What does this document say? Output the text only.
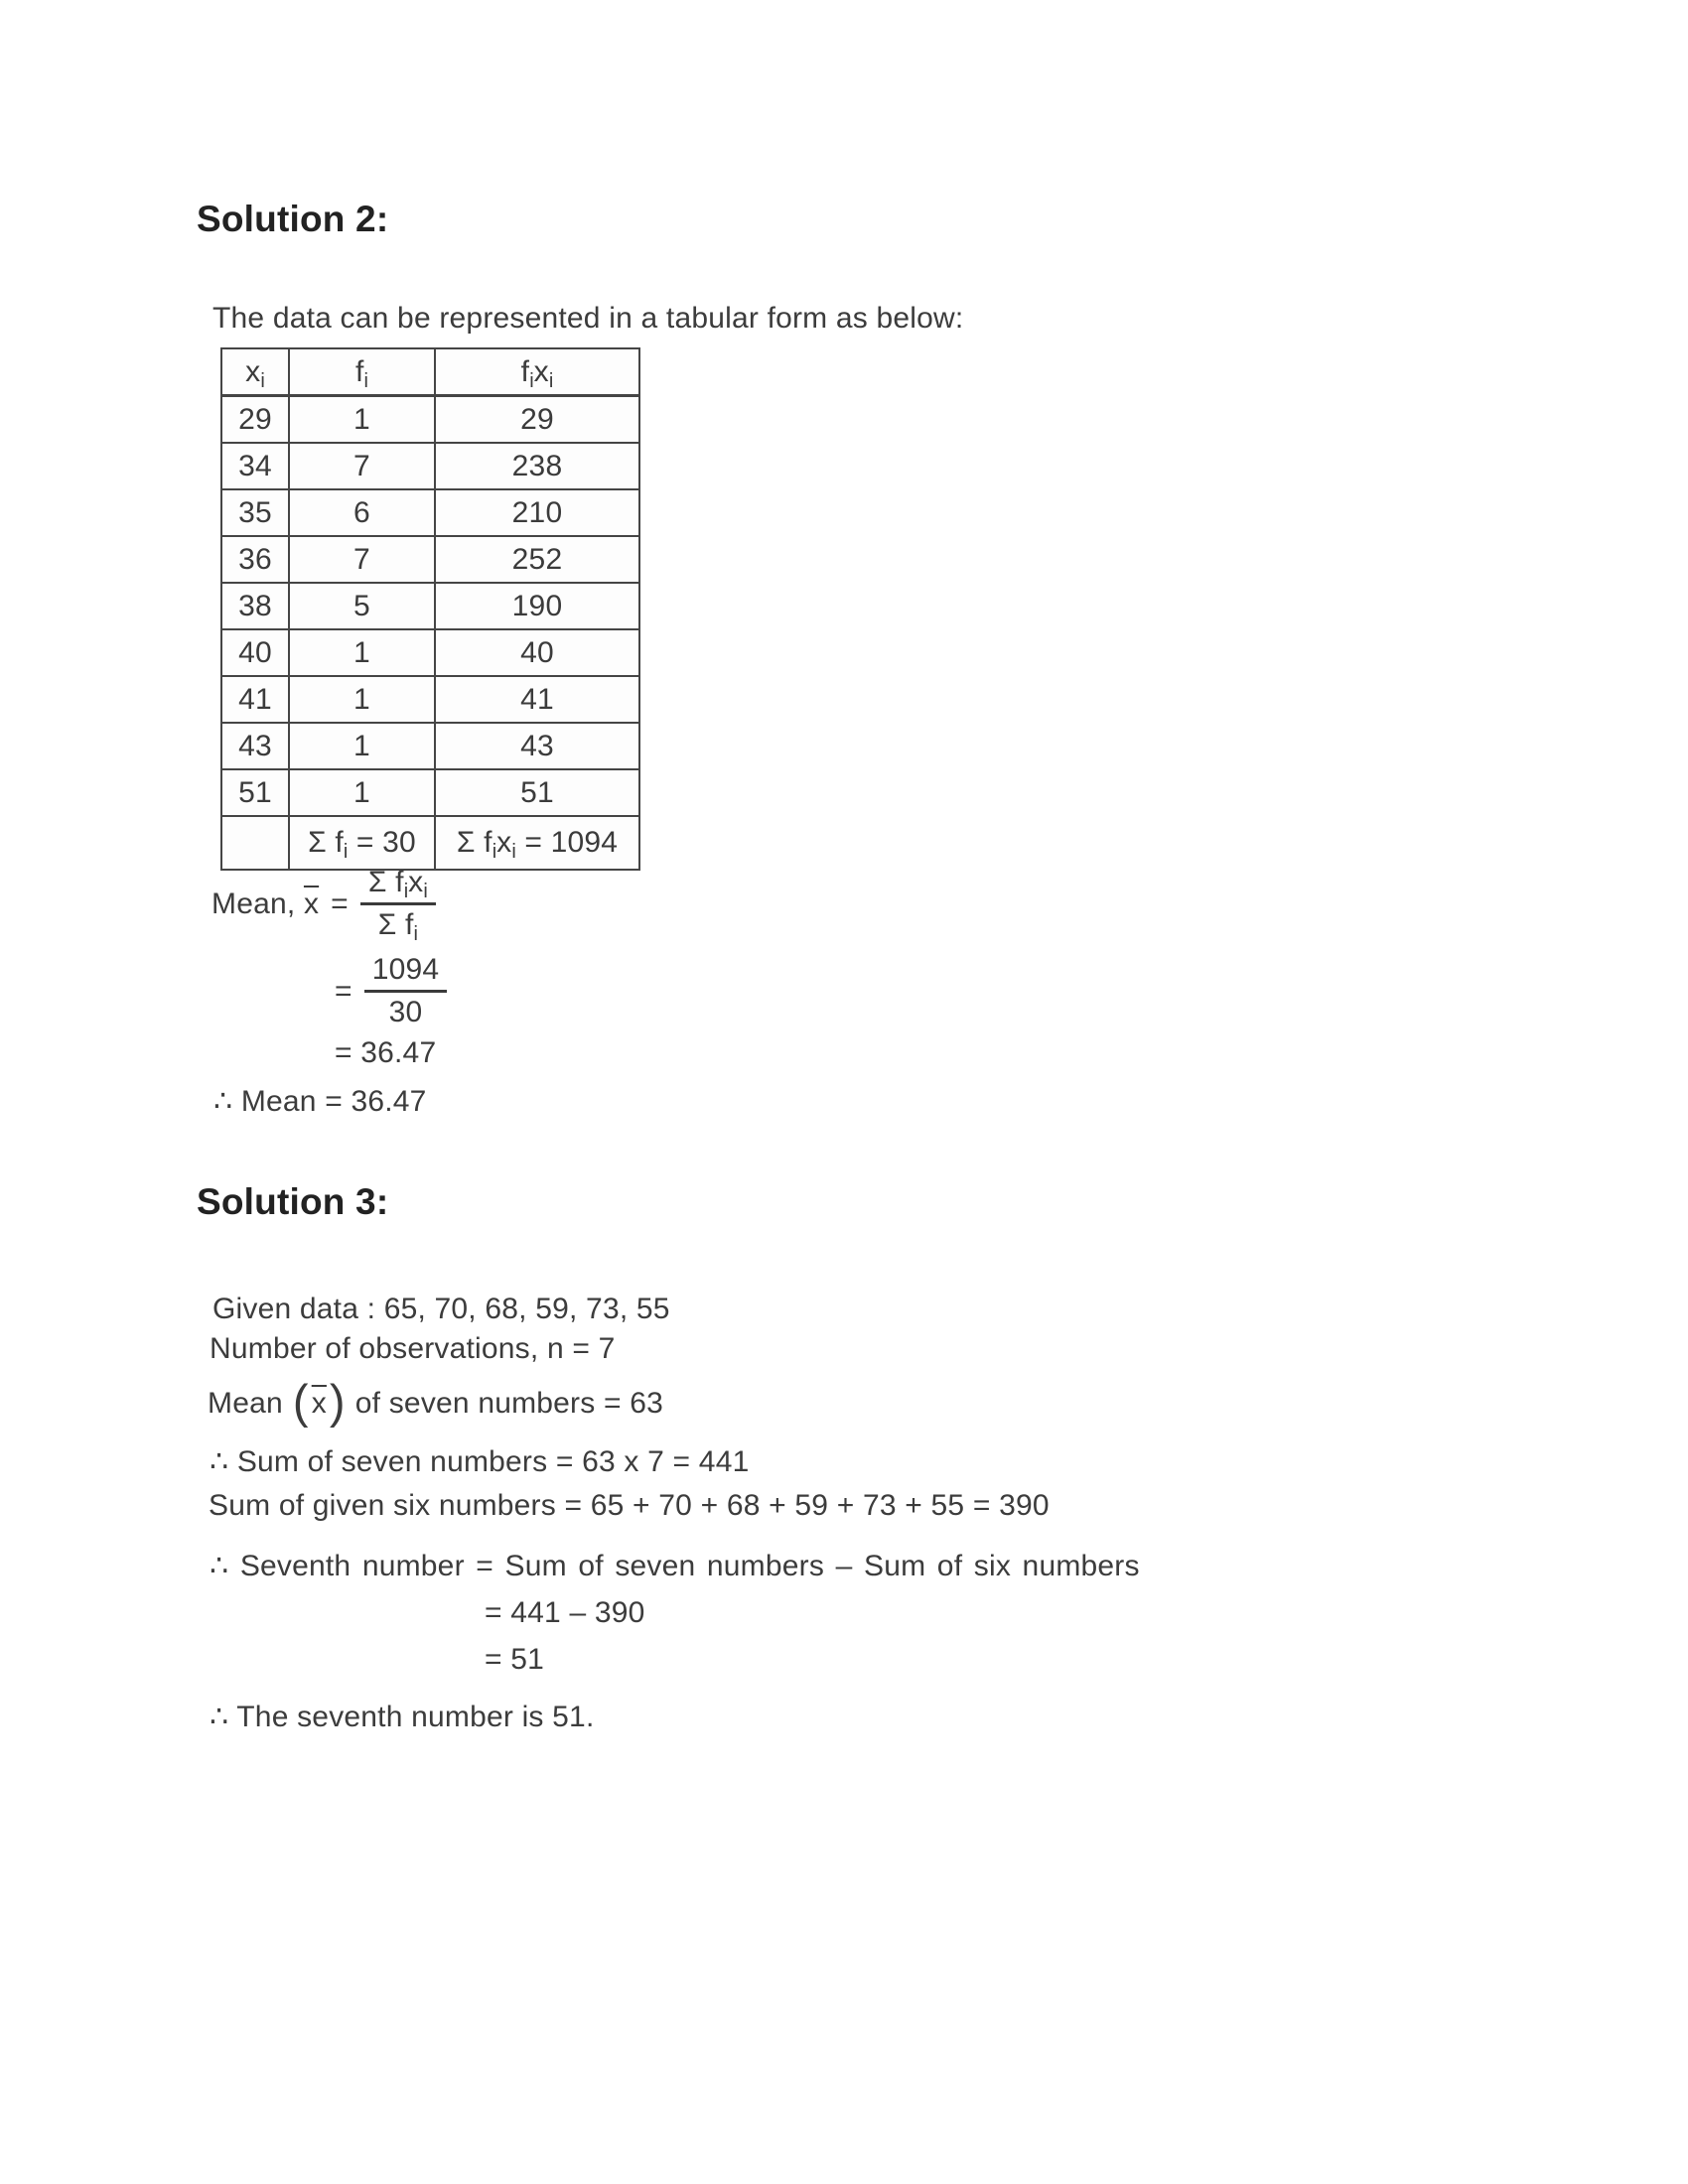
Solution 2:
The data can be represented in a tabular form as below:
$x_i$	$f_i$	$f_ix_i$
29	1	29
34	7	238
35	6	210
36	7	252
38	5	190
40	1	40
41	1	41
43	1	43
51	1	51
	Σ $f_i = 30$	Σ $f_ix_i = 1094$
Mean, $\overline{x} = \frac{\Sigma f_ix_i}{\Sigma f_i}$
= $\frac{1094}{30}$
= 36.47
∴ Mean = 36.47
Solution 3:
Given data : 65, 70, 68, 59, 73, 55
Number of observations, n = 7
Mean ( $\overline{x}$ ) of seven numbers = 63
∴ Sum of seven numbers = 63 x 7 = 441
Sum of given six numbers = 65 + 70 + 68 + 59 + 73 + 55 = 390
∴ Seventh number = Sum of seven numbers – Sum of six numbers
= 441 – 390
= 51
∴ The seventh number is 51.
